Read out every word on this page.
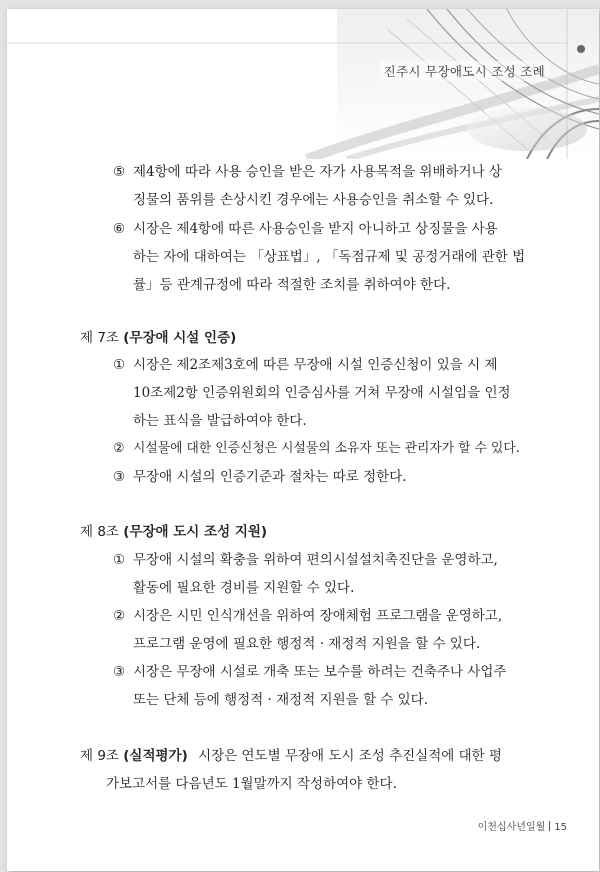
진주시 무장애도시 조성 조례
⑤ 제4항에 따라 사용 승인을 받은 자가 사용목적을 위배하거나 상
징물의 품위를 손상시킨 경우에는 사용승인을 취소할 수 있다.
⑥ 시장은 제4항에 따른 사용승인을 받지 아니하고 상징물을 사용
하는 자에 대하여는 「상표법」, 「독점규제 및 공정거래에 관한 법
률」등 관계규정에 따라 적절한 조치를 취하여야 한다.
제 7조 (무장애 시설 인증)
① 시장은 제2조제3호에 따른 무장애 시설 인증신청이 있을 시 제
10조제2항 인증위원회의 인증심사를 거쳐 무장애 시설임을 인정
하는 표식을 발급하여야 한다.
② 시설물에 대한 인증신청은 시설물의 소유자 또는 관리자가 할 수 있다.
③ 무장애 시설의 인증기준과 절차는 따로 정한다.
제 8조 (무장애 도시 조성 지원)
① 무장애 시설의 확충을 위하여 편의시설설치촉진단을 운영하고,
활동에 필요한 경비를 지원할 수 있다.
② 시장은 시민 인식개선을 위하여 장애체험 프로그램을 운영하고,
프로그램 운영에 필요한 행정적 · 재정적 지원을 할 수 있다.
③ 시장은 무장애 시설로 개축 또는 보수를 하려는 건축주나 사업주
또는 단체 등에 행정적 · 재정적 지원을 할 수 있다.
제 9조 (실적평가) 시장은 연도별 무장애 도시 조성 추진실적에 대한 평
가보고서를 다음년도 1월말까지 작성하여야 한다.
이천십사년일월 15
